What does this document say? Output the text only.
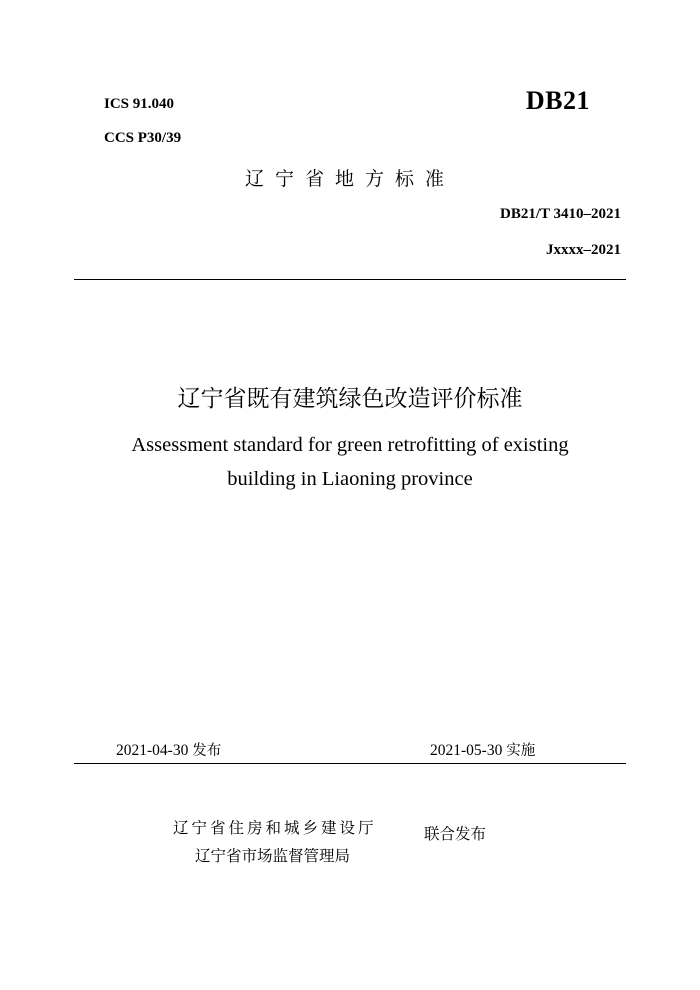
ICS 91.040
CCS P30/39
DB21
辽宁省地方标准
DB21/T 3410–2021
Jxxxx–2021
辽宁省既有建筑绿色改造评价标准
Assessment standard for green retrofitting of existing
building in Liaoning province
2021-04-30 发布	2021-05-30 实施
辽宁省住房和城乡建设厅
辽宁省市场监督管理局
联合发布
